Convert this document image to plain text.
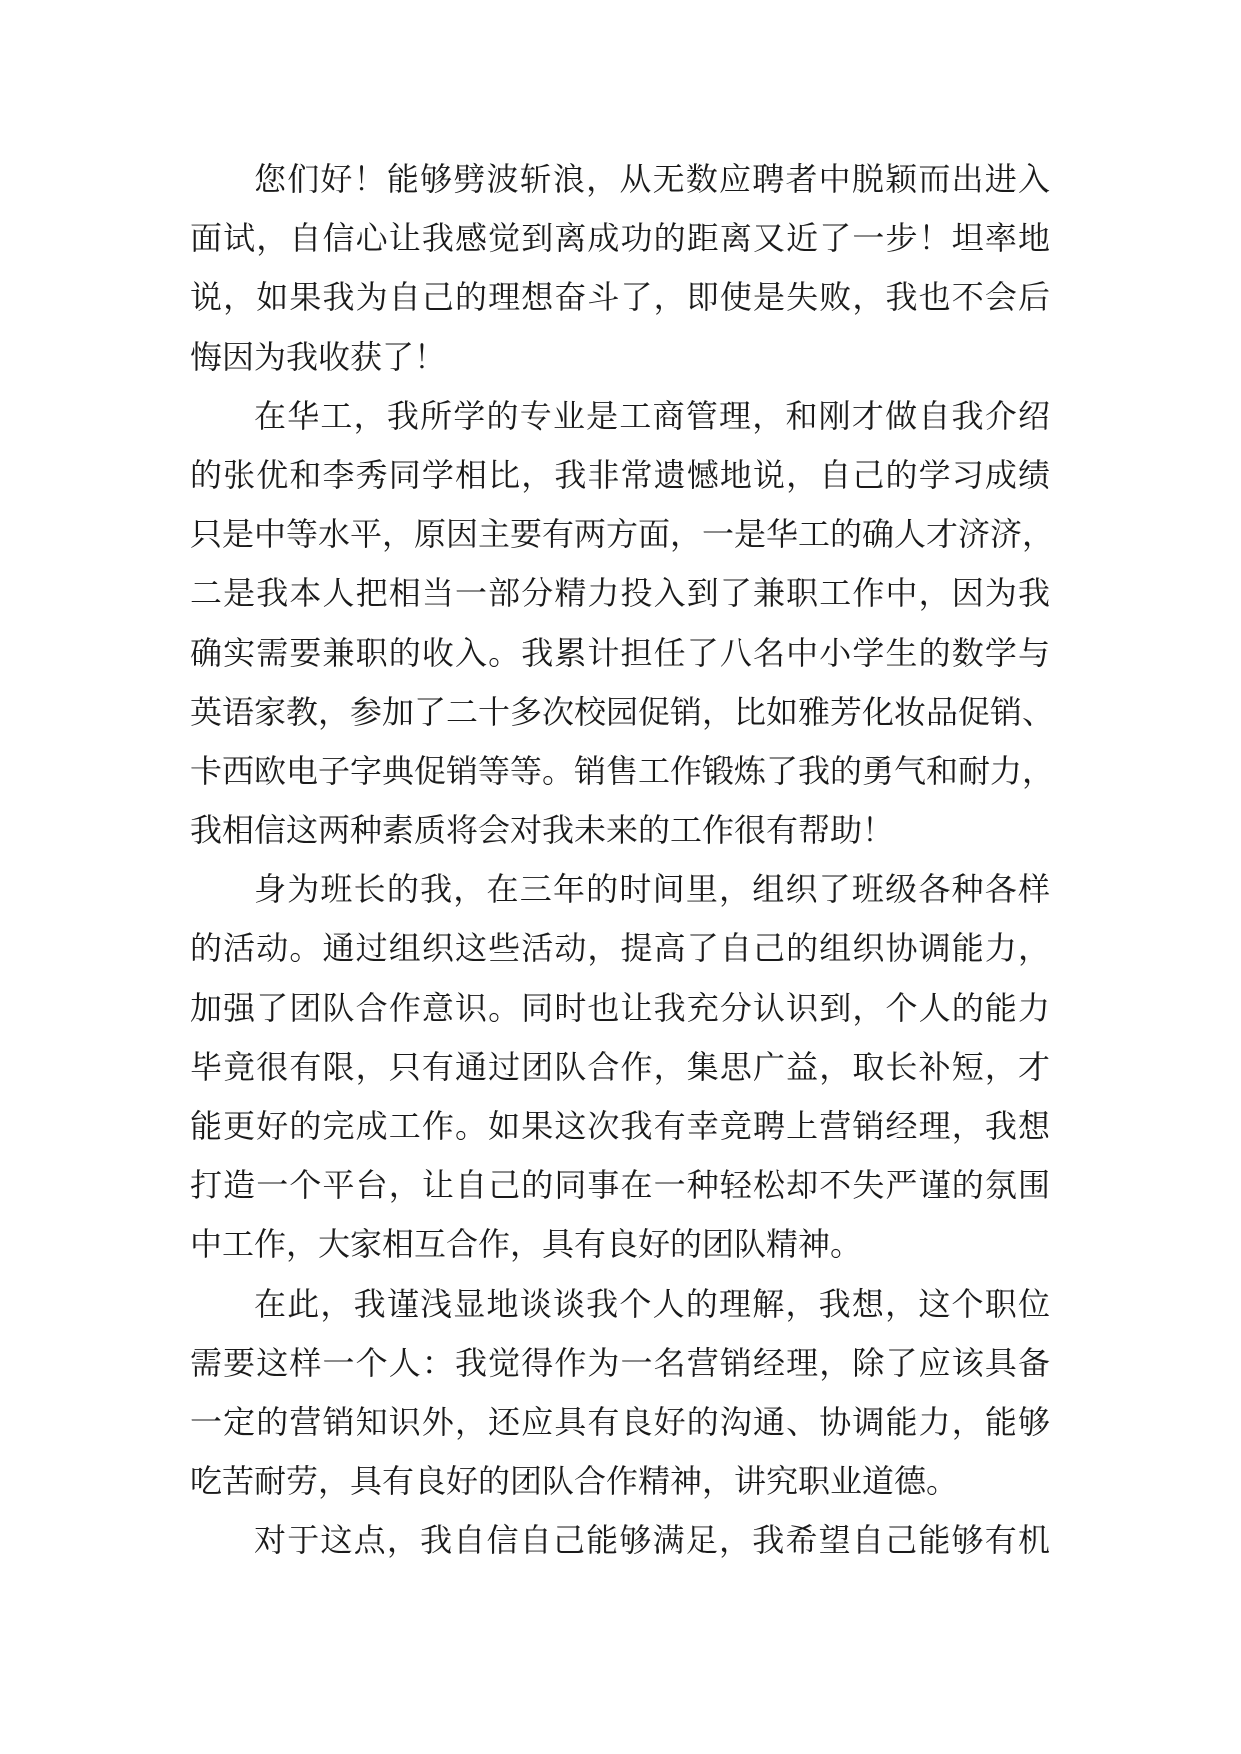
您们好！能够劈波斩浪，从无数应聘者中脱颖而出进入
面试，自信心让我感觉到离成功的距离又近了一步！坦率地
说，如果我为自己的理想奋斗了，即使是失败，我也不会后
悔因为我收获了！
在华工，我所学的专业是工商管理，和刚才做自我介绍
的张优和李秀同学相比，我非常遗憾地说，自己的学习成绩
只是中等水平，原因主要有两方面，一是华工的确人才济济，
二是我本人把相当一部分精力投入到了兼职工作中，因为我
确实需要兼职的收入。我累计担任了八名中小学生的数学与
英语家教，参加了二十多次校园促销，比如雅芳化妆品促销、
卡西欧电子字典促销等等。销售工作锻炼了我的勇气和耐力，
我相信这两种素质将会对我未来的工作很有帮助！
身为班长的我，在三年的时间里，组织了班级各种各样
的活动。通过组织这些活动，提高了自己的组织协调能力，
加强了团队合作意识。同时也让我充分认识到，个人的能力
毕竟很有限，只有通过团队合作，集思广益，取长补短，才
能更好的完成工作。如果这次我有幸竞聘上营销经理，我想
打造一个平台，让自己的同事在一种轻松却不失严谨的氛围
中工作，大家相互合作，具有良好的团队精神。
在此，我谨浅显地谈谈我个人的理解，我想，这个职位
需要这样一个人：我觉得作为一名营销经理，除了应该具备
一定的营销知识外，还应具有良好的沟通、协调能力，能够
吃苦耐劳，具有良好的团队合作精神，讲究职业道德。
对于这点，我自信自己能够满足，我希望自己能够有机
